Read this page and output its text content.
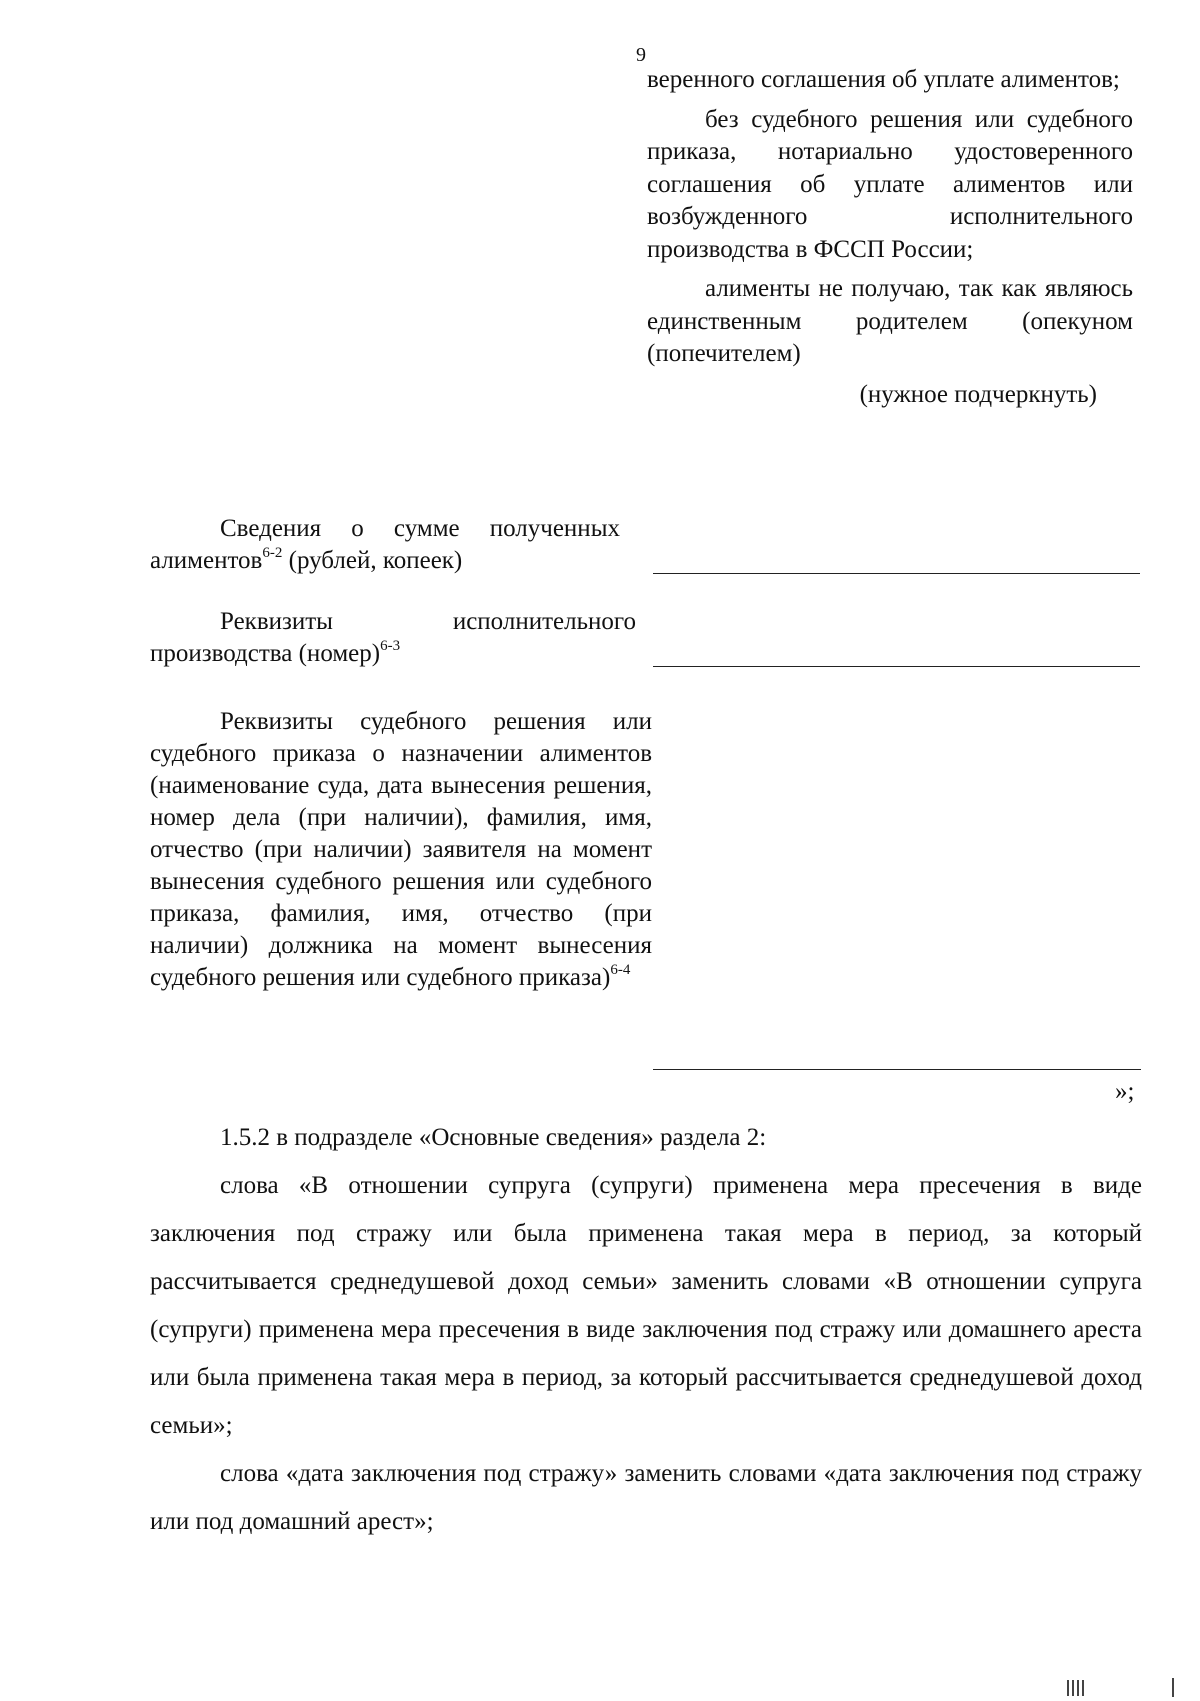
9

веренного соглашения об уплате алиментов;

без судебного решения или судебного приказа, нотариально удостоверенного соглашения об уплате алиментов или возбужденного исполнительного производства в ФССП России;

алименты не получаю, так как являюсь единственным родителем (опекуном (попечителем)

(нужное подчеркнуть)

Сведения о сумме полученных алиментов$^{6-2}$ (рублей, копеек)

Реквизиты исполнительного производства (номер)$^{6-3}$

Реквизиты судебного решения или судебного приказа о назначении алиментов (наименование суда, дата вынесения решения, номер дела (при наличии), фамилия, имя, отчество (при наличии) заявителя на момент вынесения судебного решения или судебного приказа, фамилия, имя, отчество (при наличии) должника на момент вынесения судебного решения или судебного приказа)$^{6-4}$

»;

1.5.2 в подразделе «Основные сведения» раздела 2:

слова «В отношении супруга (супруги) применена мера пресечения в виде заключения под стражу или была применена такая мера в период, за который рассчитывается среднедушевой доход семьи» заменить словами «В отношении супруга (супруги) применена мера пресечения в виде заключения под стражу или домашнего ареста или была применена такая мера в период, за который рассчитывается среднедушевой доход семьи»;

слова «дата заключения под стражу» заменить словами «дата заключения под стражу или под домашний арест»;
